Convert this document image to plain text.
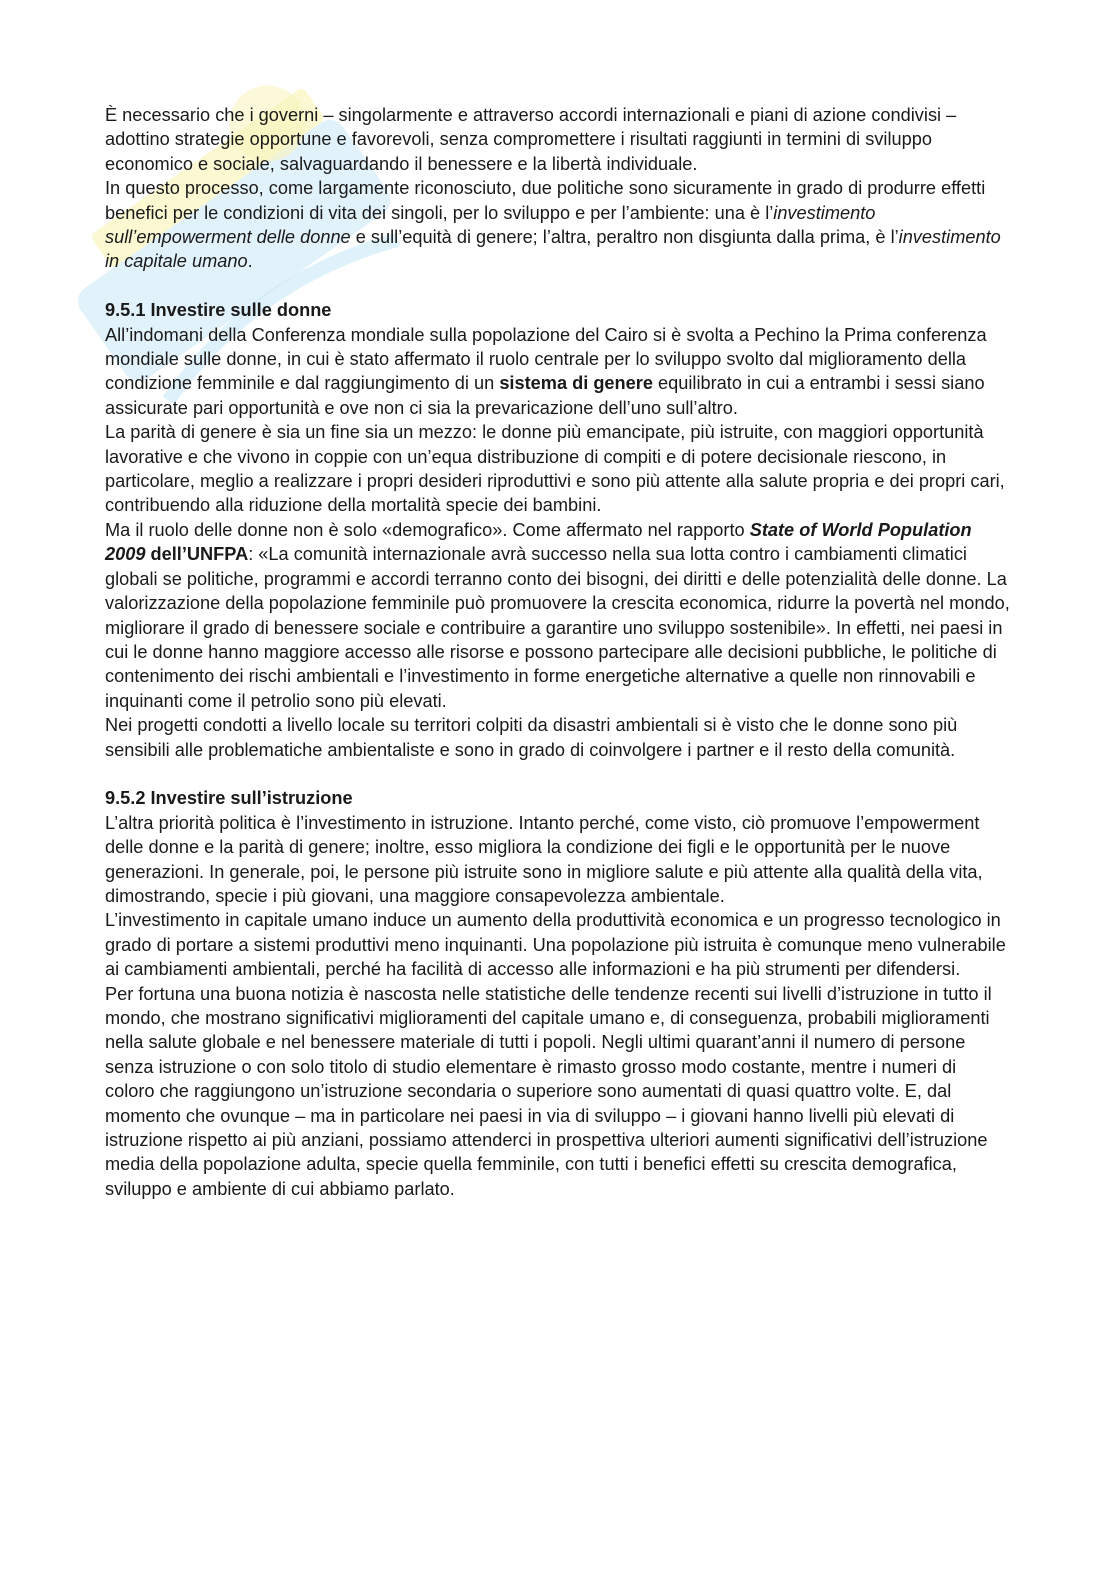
È necessario che i governi – singolarmente e attraverso accordi internazionali e piani di azione condivisi – adottino strategie opportune e favorevoli, senza compromettere i risultati raggiunti in termini di sviluppo economico e sociale, salvaguardando il benessere e la libertà individuale.

In questo processo, come largamente riconosciuto, due politiche sono sicuramente in grado di produrre effetti benefici per le condizioni di vita dei singoli, per lo sviluppo e per l’ambiente: una è l’investimento sull’empowerment delle donne e sull’equità di genere; l’altra, peraltro non disgiunta dalla prima, è l’investimento in capitale umano.

9.5.1 Investire sulle donne

All’indomani della Conferenza mondiale sulla popolazione del Cairo si è svolta a Pechino la Prima conferenza mondiale sulle donne, in cui è stato affermato il ruolo centrale per lo sviluppo svolto dal miglioramento della condizione femminile e dal raggiungimento di un sistema di genere equilibrato in cui a entrambi i sessi siano assicurate pari opportunità e ove non ci sia la prevaricazione dell’uno sull’altro.

La parità di genere è sia un fine sia un mezzo: le donne più emancipate, più istruite, con maggiori opportunità lavorative e che vivono in coppie con un’equa distribuzione di compiti e di potere decisionale riescono, in particolare, meglio a realizzare i propri desideri riproduttivi e sono più attente alla salute propria e dei propri cari, contribuendo alla riduzione della mortalità specie dei bambini.

Ma il ruolo delle donne non è solo «demografico». Come affermato nel rapporto State of World Population 2009 dell’UNFPA: «La comunità internazionale avrà successo nella sua lotta contro i cambiamenti climatici globali se politiche, programmi e accordi terranno conto dei bisogni, dei diritti e delle potenzialità delle donne. La valorizzazione della popolazione femminile può promuovere la crescita economica, ridurre la povertà nel mondo, migliorare il grado di benessere sociale e contribuire a garantire uno sviluppo sostenibile». In effetti, nei paesi in cui le donne hanno maggiore accesso alle risorse e possono partecipare alle decisioni pubbliche, le politiche di contenimento dei rischi ambientali e l’investimento in forme energetiche alternative a quelle non rinnovabili e inquinanti come il petrolio sono più elevati.

Nei progetti condotti a livello locale su territori colpiti da disastri ambientali si è visto che le donne sono più sensibili alle problematiche ambientaliste e sono in grado di coinvolgere i partner e il resto della comunità.

9.5.2 Investire sull’istruzione

L’altra priorità politica è l’investimento in istruzione. Intanto perché, come visto, ciò promuove l’empowerment delle donne e la parità di genere; inoltre, esso migliora la condizione dei figli e le opportunità per le nuove generazioni. In generale, poi, le persone più istruite sono in migliore salute e più attente alla qualità della vita, dimostrando, specie i più giovani, una maggiore consapevolezza ambientale.

L’investimento in capitale umano induce un aumento della produttività economica e un progresso tecnologico in grado di portare a sistemi produttivi meno inquinanti. Una popolazione più istruita è comunque meno vulnerabile ai cambiamenti ambientali, perché ha facilità di accesso alle informazioni e ha più strumenti per difendersi.

Per fortuna una buona notizia è nascosta nelle statistiche delle tendenze recenti sui livelli d’istruzione in tutto il mondo, che mostrano significativi miglioramenti del capitale umano e, di conseguenza, probabili miglioramenti nella salute globale e nel benessere materiale di tutti i popoli. Negli ultimi quarant’anni il numero di persone senza istruzione o con solo titolo di studio elementare è rimasto grosso modo costante, mentre i numeri di coloro che raggiungono un’istruzione secondaria o superiore sono aumentati di quasi quattro volte. E, dal momento che ovunque – ma in particolare nei paesi in via di sviluppo – i giovani hanno livelli più elevati di istruzione rispetto ai più anziani, possiamo attenderci in prospettiva ulteriori aumenti significativi dell’istruzione media della popolazione adulta, specie quella femminile, con tutti i benefici effetti su crescita demografica, sviluppo e ambiente di cui abbiamo parlato.
